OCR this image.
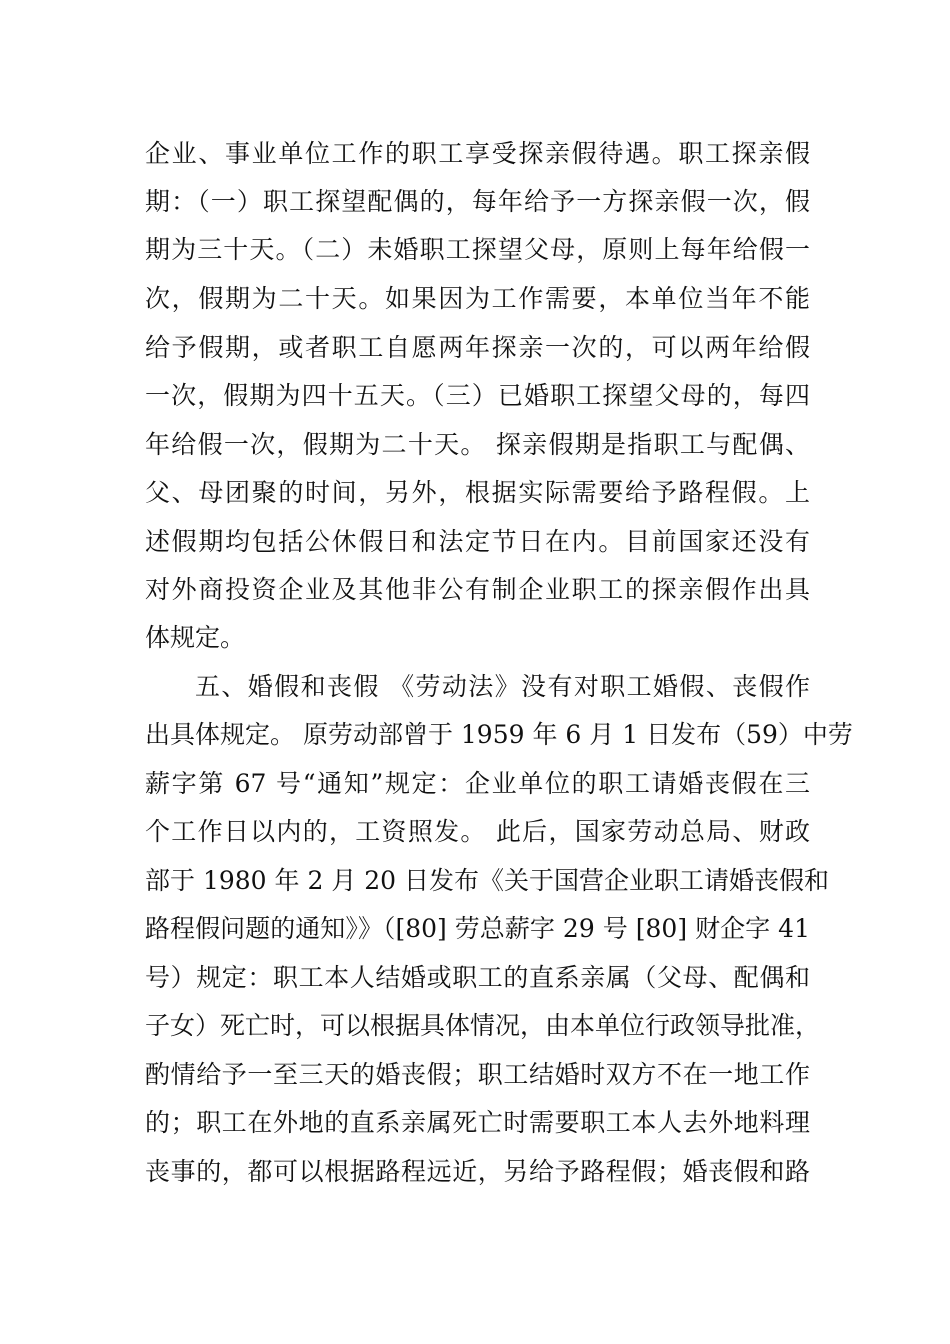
企业、事业单位工作的职工享受探亲假待遇。职工探亲假
期：（一）职工探望配偶的，每年给予一方探亲假一次，假
期为三十天。（二）未婚职工探望父母，原则上每年给假一
次，假期为二十天。如果因为工作需要，本单位当年不能
给予假期，或者职工自愿两年探亲一次的，可以两年给假
一次，假期为四十五天。（三）已婚职工探望父母的，每四
年给假一次，假期为二十天。 探亲假期是指职工与配偶、
父、母团聚的时间，另外，根据实际需要给予路程假。上
述假期均包括公休假日和法定节日在内。目前国家还没有
对外商投资企业及其他非公有制企业职工的探亲假作出具
体规定。
五、婚假和丧假 《劳动法》没有对职工婚假、丧假作
出具体规定。 原劳动部曾于 1959 年 6 月 1 日发布（59）中劳
薪字第 67 号“通知”规定：企业单位的职工请婚丧假在三
个工作日以内的，工资照发。 此后，国家劳动总局、财政
部于 1980 年 2 月 20 日发布《关于国营企业职工请婚丧假和
路程假问题的通知》》（[80] 劳总薪字 29 号 [80] 财企字 41
号）规定：职工本人结婚或职工的直系亲属（父母、配偶和
子女）死亡时，可以根据具体情况，由本单位行政领导批准，
酌情给予一至三天的婚丧假；职工结婚时双方不在一地工作
的；职工在外地的直系亲属死亡时需要职工本人去外地料理
丧事的，都可以根据路程远近，另给予路程假；婚丧假和路
